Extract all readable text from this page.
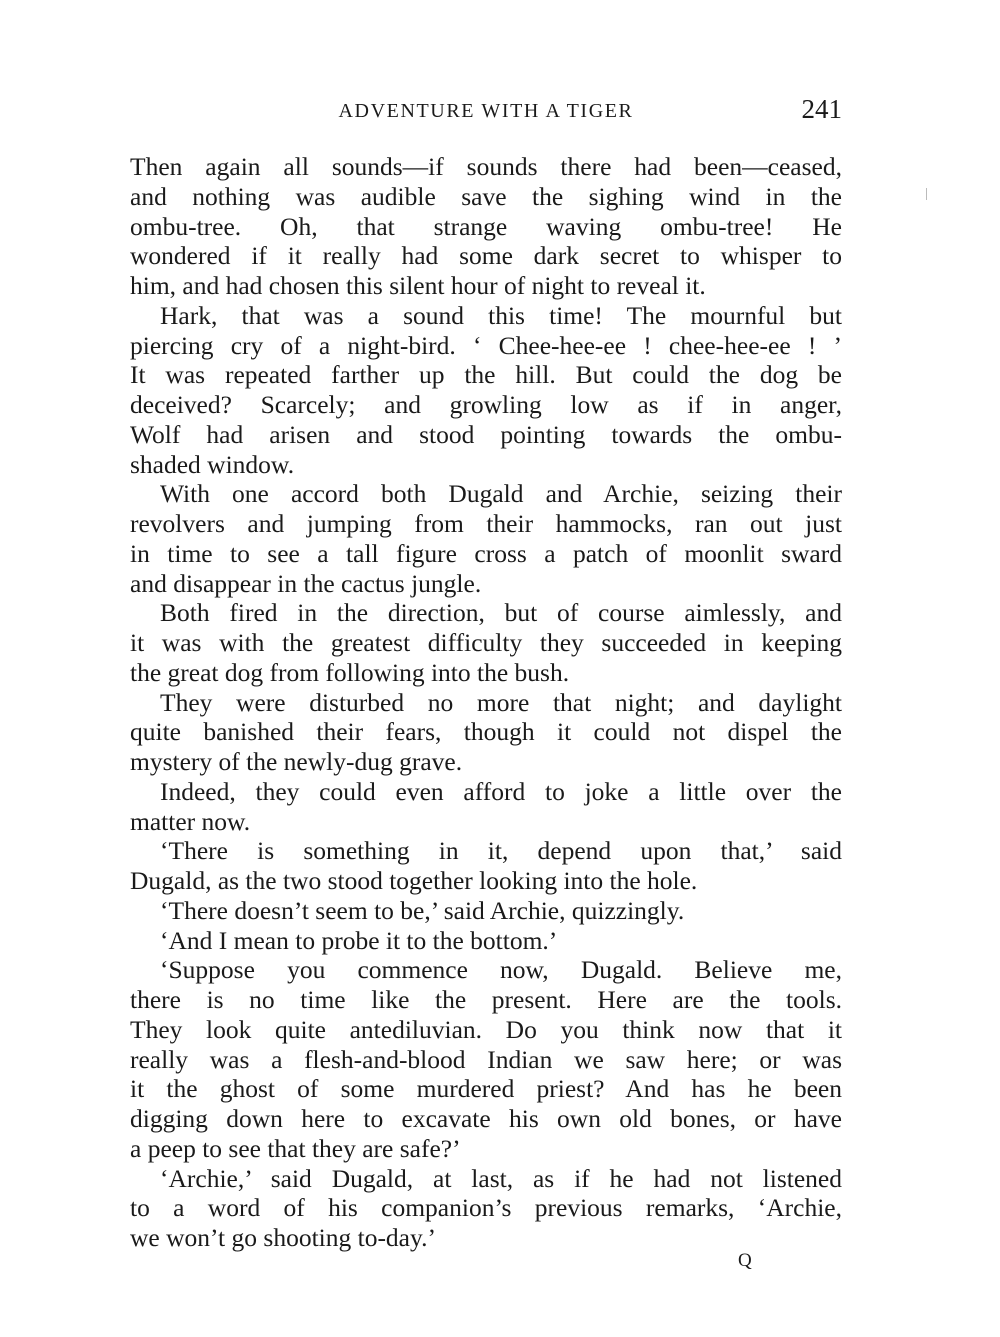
ADVENTURE WITH A TIGER	241
Then again all sounds—if sounds there had been—ceased,
and nothing was audible save the sighing wind in the
ombu-tree. Oh, that strange waving ombu-tree! He
wondered if it really had some dark secret to whisper to
him, and had chosen this silent hour of night to reveal it.
Hark, that was a sound this time! The mournful but
piercing cry of a night-bird. ‘ Chee-hee-ee ! chee-hee-ee ! ’
It was repeated farther up the hill. But could the dog be
deceived? Scarcely; and growling low as if in anger,
Wolf had arisen and stood pointing towards the ombu-
shaded window.
With one accord both Dugald and Archie, seizing their
revolvers and jumping from their hammocks, ran out just
in time to see a tall figure cross a patch of moonlit sward
and disappear in the cactus jungle.
Both fired in the direction, but of course aimlessly, and
it was with the greatest difficulty they succeeded in keeping
the great dog from following into the bush.
They were disturbed no more that night; and daylight
quite banished their fears, though it could not dispel the
mystery of the newly-dug grave.
Indeed, they could even afford to joke a little over the
matter now.
‘There is something in it, depend upon that,’ said
Dugald, as the two stood together looking into the hole.
‘There doesn’t seem to be,’ said Archie, quizzingly.
‘And I mean to probe it to the bottom.’
‘Suppose you commence now, Dugald. Believe me,
there is no time like the present. Here are the tools.
They look quite antediluvian. Do you think now that it
really was a flesh-and-blood Indian we saw here; or was
it the ghost of some murdered priest? And has he been
digging down here to excavate his own old bones, or have
a peep to see that they are safe?’
‘Archie,’ said Dugald, at last, as if he had not listened
to a word of his companion’s previous remarks, ‘Archie,
we won’t go shooting to-day.’
Q
